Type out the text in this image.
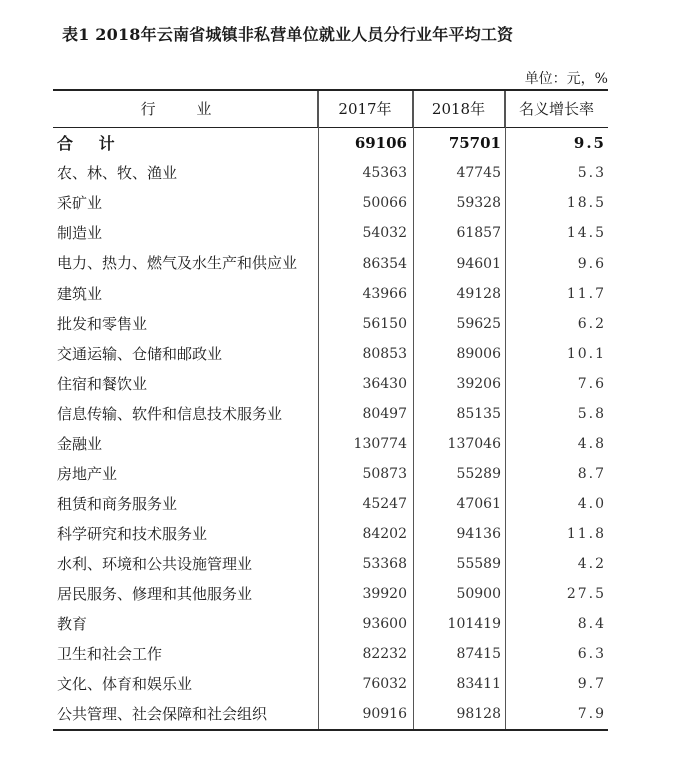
表1 2018年云南省城镇非私营单位就业人员分行业年平均工资
单位：元，%
行 业	2017年	2018年	名义增长率
合 计	69106	75701	9.5
农、林、牧、渔业	45363	47745	5.3
采矿业	50066	59328	18.5
制造业	54032	61857	14.5
电力、热力、燃气及水生产和供应业	86354	94601	9.6
建筑业	43966	49128	11.7
批发和零售业	56150	59625	6.2
交通运输、仓储和邮政业	80853	89006	10.1
住宿和餐饮业	36430	39206	7.6
信息传输、软件和信息技术服务业	80497	85135	5.8
金融业	130774	137046	4.8
房地产业	50873	55289	8.7
租赁和商务服务业	45247	47061	4.0
科学研究和技术服务业	84202	94136	11.8
水利、环境和公共设施管理业	53368	55589	4.2
居民服务、修理和其他服务业	39920	50900	27.5
教育	93600	101419	8.4
卫生和社会工作	82232	87415	6.3
文化、体育和娱乐业	76032	83411	9.7
公共管理、社会保障和社会组织	90916	98128	7.9
